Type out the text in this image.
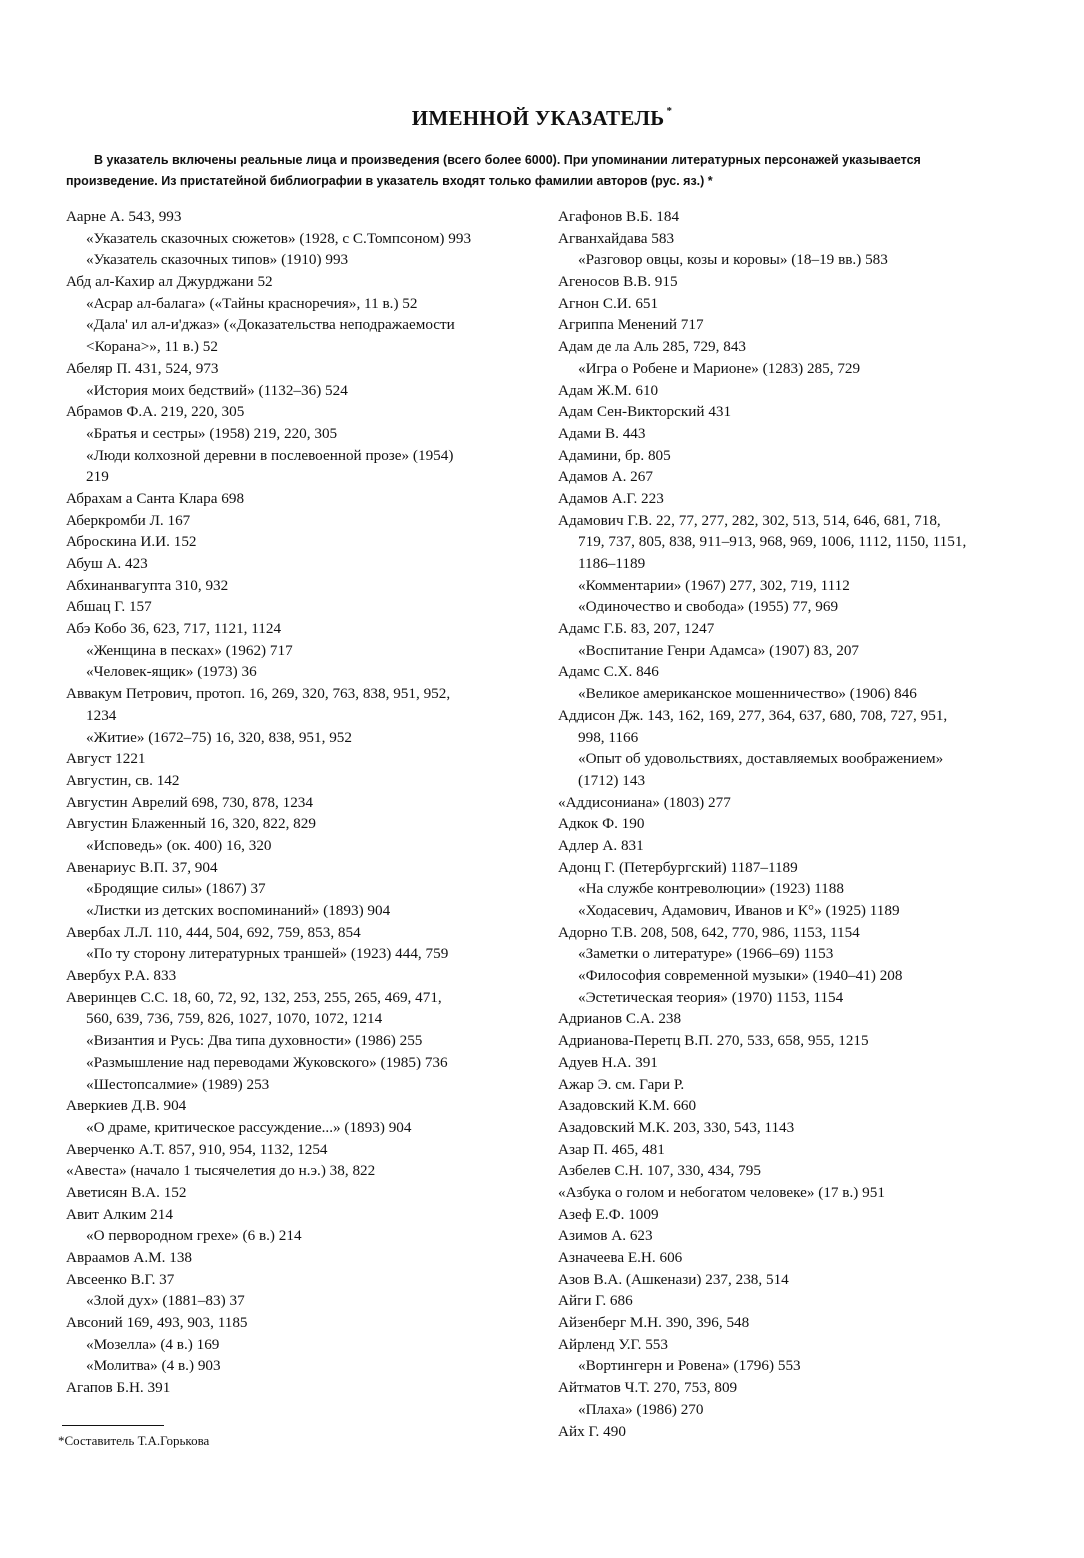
ИМЕННОЙ УКАЗАТЕЛЬ *
В указатель включены реальные лица и произведения (всего более 6000). При упоминании литературных персонажей указывается
произведение. Из пристатейной библиографии в указатель входят только фамилии авторов (рус. яз.) *
Аарне А. 543, 993
«Указатель сказочных сюжетов» (1928, с С.Томпсоном) 993
«Указатель сказочных типов» (1910) 993
Абд ал-Кахир ал Джурджани 52
«Асрар ал-балага» («Тайны красноречия», 11 в.) 52
«Дала' ил ал-и'джаз» («Доказательства неподражаемости
<Корана>», 11 в.) 52
Абеляр П. 431, 524, 973
«История моих бедствий» (1132–36) 524
Абрамов Ф.А. 219, 220, 305
«Братья и сестры» (1958) 219, 220, 305
«Люди колхозной деревни в послевоенной прозе» (1954)
219
Абрахам а Санта Клара 698
Аберкромби Л. 167
Аброскина И.И. 152
Абуш А. 423
Абхинанвагупта 310, 932
Абшац Г. 157
Абэ Кобо 36, 623, 717, 1121, 1124
«Женщина в песках» (1962) 717
«Человек-ящик» (1973) 36
Аввакум Петрович, протоп. 16, 269, 320, 763, 838, 951, 952,
1234
«Житие» (1672–75) 16, 320, 838, 951, 952
Август 1221
Августин, св. 142
Августин Аврелий 698, 730, 878, 1234
Августин Блаженный 16, 320, 822, 829
«Исповедь» (ок. 400) 16, 320
Авенариус В.П. 37, 904
«Бродящие силы» (1867) 37
«Листки из детских воспоминаний» (1893) 904
Авербах Л.Л. 110, 444, 504, 692, 759, 853, 854
«По ту сторону литературных траншей» (1923) 444, 759
Авербух Р.А. 833
Аверинцев С.С. 18, 60, 72, 92, 132, 253, 255, 265, 469, 471,
560, 639, 736, 759, 826, 1027, 1070, 1072, 1214
«Византия и Русь: Два типа духовности» (1986) 255
«Размышление над переводами Жуковского» (1985) 736
«Шестопсалмие» (1989) 253
Аверкиев Д.В. 904
«О драме, критическое рассуждение...» (1893) 904
Аверченко А.Т. 857, 910, 954, 1132, 1254
«Авеста» (начало 1 тысячелетия до н.э.) 38, 822
Аветисян В.А. 152
Авит Алким 214
«О первородном грехе» (6 в.) 214
Авраамов А.М. 138
Авсеенко В.Г. 37
«Злой дух» (1881–83) 37
Авсоний 169, 493, 903, 1185
«Мозелла» (4 в.) 169
«Молитва» (4 в.) 903
Агапов Б.Н. 391
Агафонов В.Б. 184
Агванхайдава 583
«Разговор овцы, козы и коровы» (18–19 вв.) 583
Агеносов В.В. 915
Агнон С.И. 651
Агриппа Менений 717
Адам де ла Аль 285, 729, 843
«Игра о Робене и Марионе» (1283) 285, 729
Адам Ж.М. 610
Адам Сен-Викторский 431
Адами В. 443
Адамини, бр. 805
Адамов А. 267
Адамов А.Г. 223
Адамович Г.В. 22, 77, 277, 282, 302, 513, 514, 646, 681, 718,
719, 737, 805, 838, 911–913, 968, 969, 1006, 1112, 1150, 1151,
1186–1189
«Комментарии» (1967) 277, 302, 719, 1112
«Одиночество и свобода» (1955) 77, 969
Адамс Г.Б. 83, 207, 1247
«Воспитание Генри Адамса» (1907) 83, 207
Адамс С.Х. 846
«Великое американское мошенничество» (1906) 846
Аддисон Дж. 143, 162, 169, 277, 364, 637, 680, 708, 727, 951,
998, 1166
«Опыт об удовольствиях, доставляемых воображением»
(1712) 143
«Аддисониана» (1803) 277
Адкок Ф. 190
Адлер А. 831
Адонц Г. (Петербургский) 1187–1189
«На службе контреволюции» (1923) 1188
«Ходасевич, Адамович, Иванов и К°» (1925) 1189
Адорно Т.В. 208, 508, 642, 770, 986, 1153, 1154
«Заметки о литературе» (1966–69) 1153
«Философия современной музыки» (1940–41) 208
«Эстетическая теория» (1970) 1153, 1154
Адрианов С.А. 238
Адрианова-Перетц В.П. 270, 533, 658, 955, 1215
Адуев Н.А. 391
Ажар Э. см. Гари Р.
Азадовский К.М. 660
Азадовский М.К. 203, 330, 543, 1143
Азар П. 465, 481
Азбелев С.Н. 107, 330, 434, 795
«Азбука о голом и небогатом человеке» (17 в.) 951
Азеф Е.Ф. 1009
Азимов А. 623
Азначеева Е.Н. 606
Азов В.А. (Ашкенази) 237, 238, 514
Айги Г. 686
Айзенберг М.Н. 390, 396, 548
Айрленд У.Г. 553
«Вортингерн и Ровена» (1796) 553
Айтматов Ч.Т. 270, 753, 809
«Плаха» (1986) 270
Айх Г. 490
*Составитель Т.А.Горькова
